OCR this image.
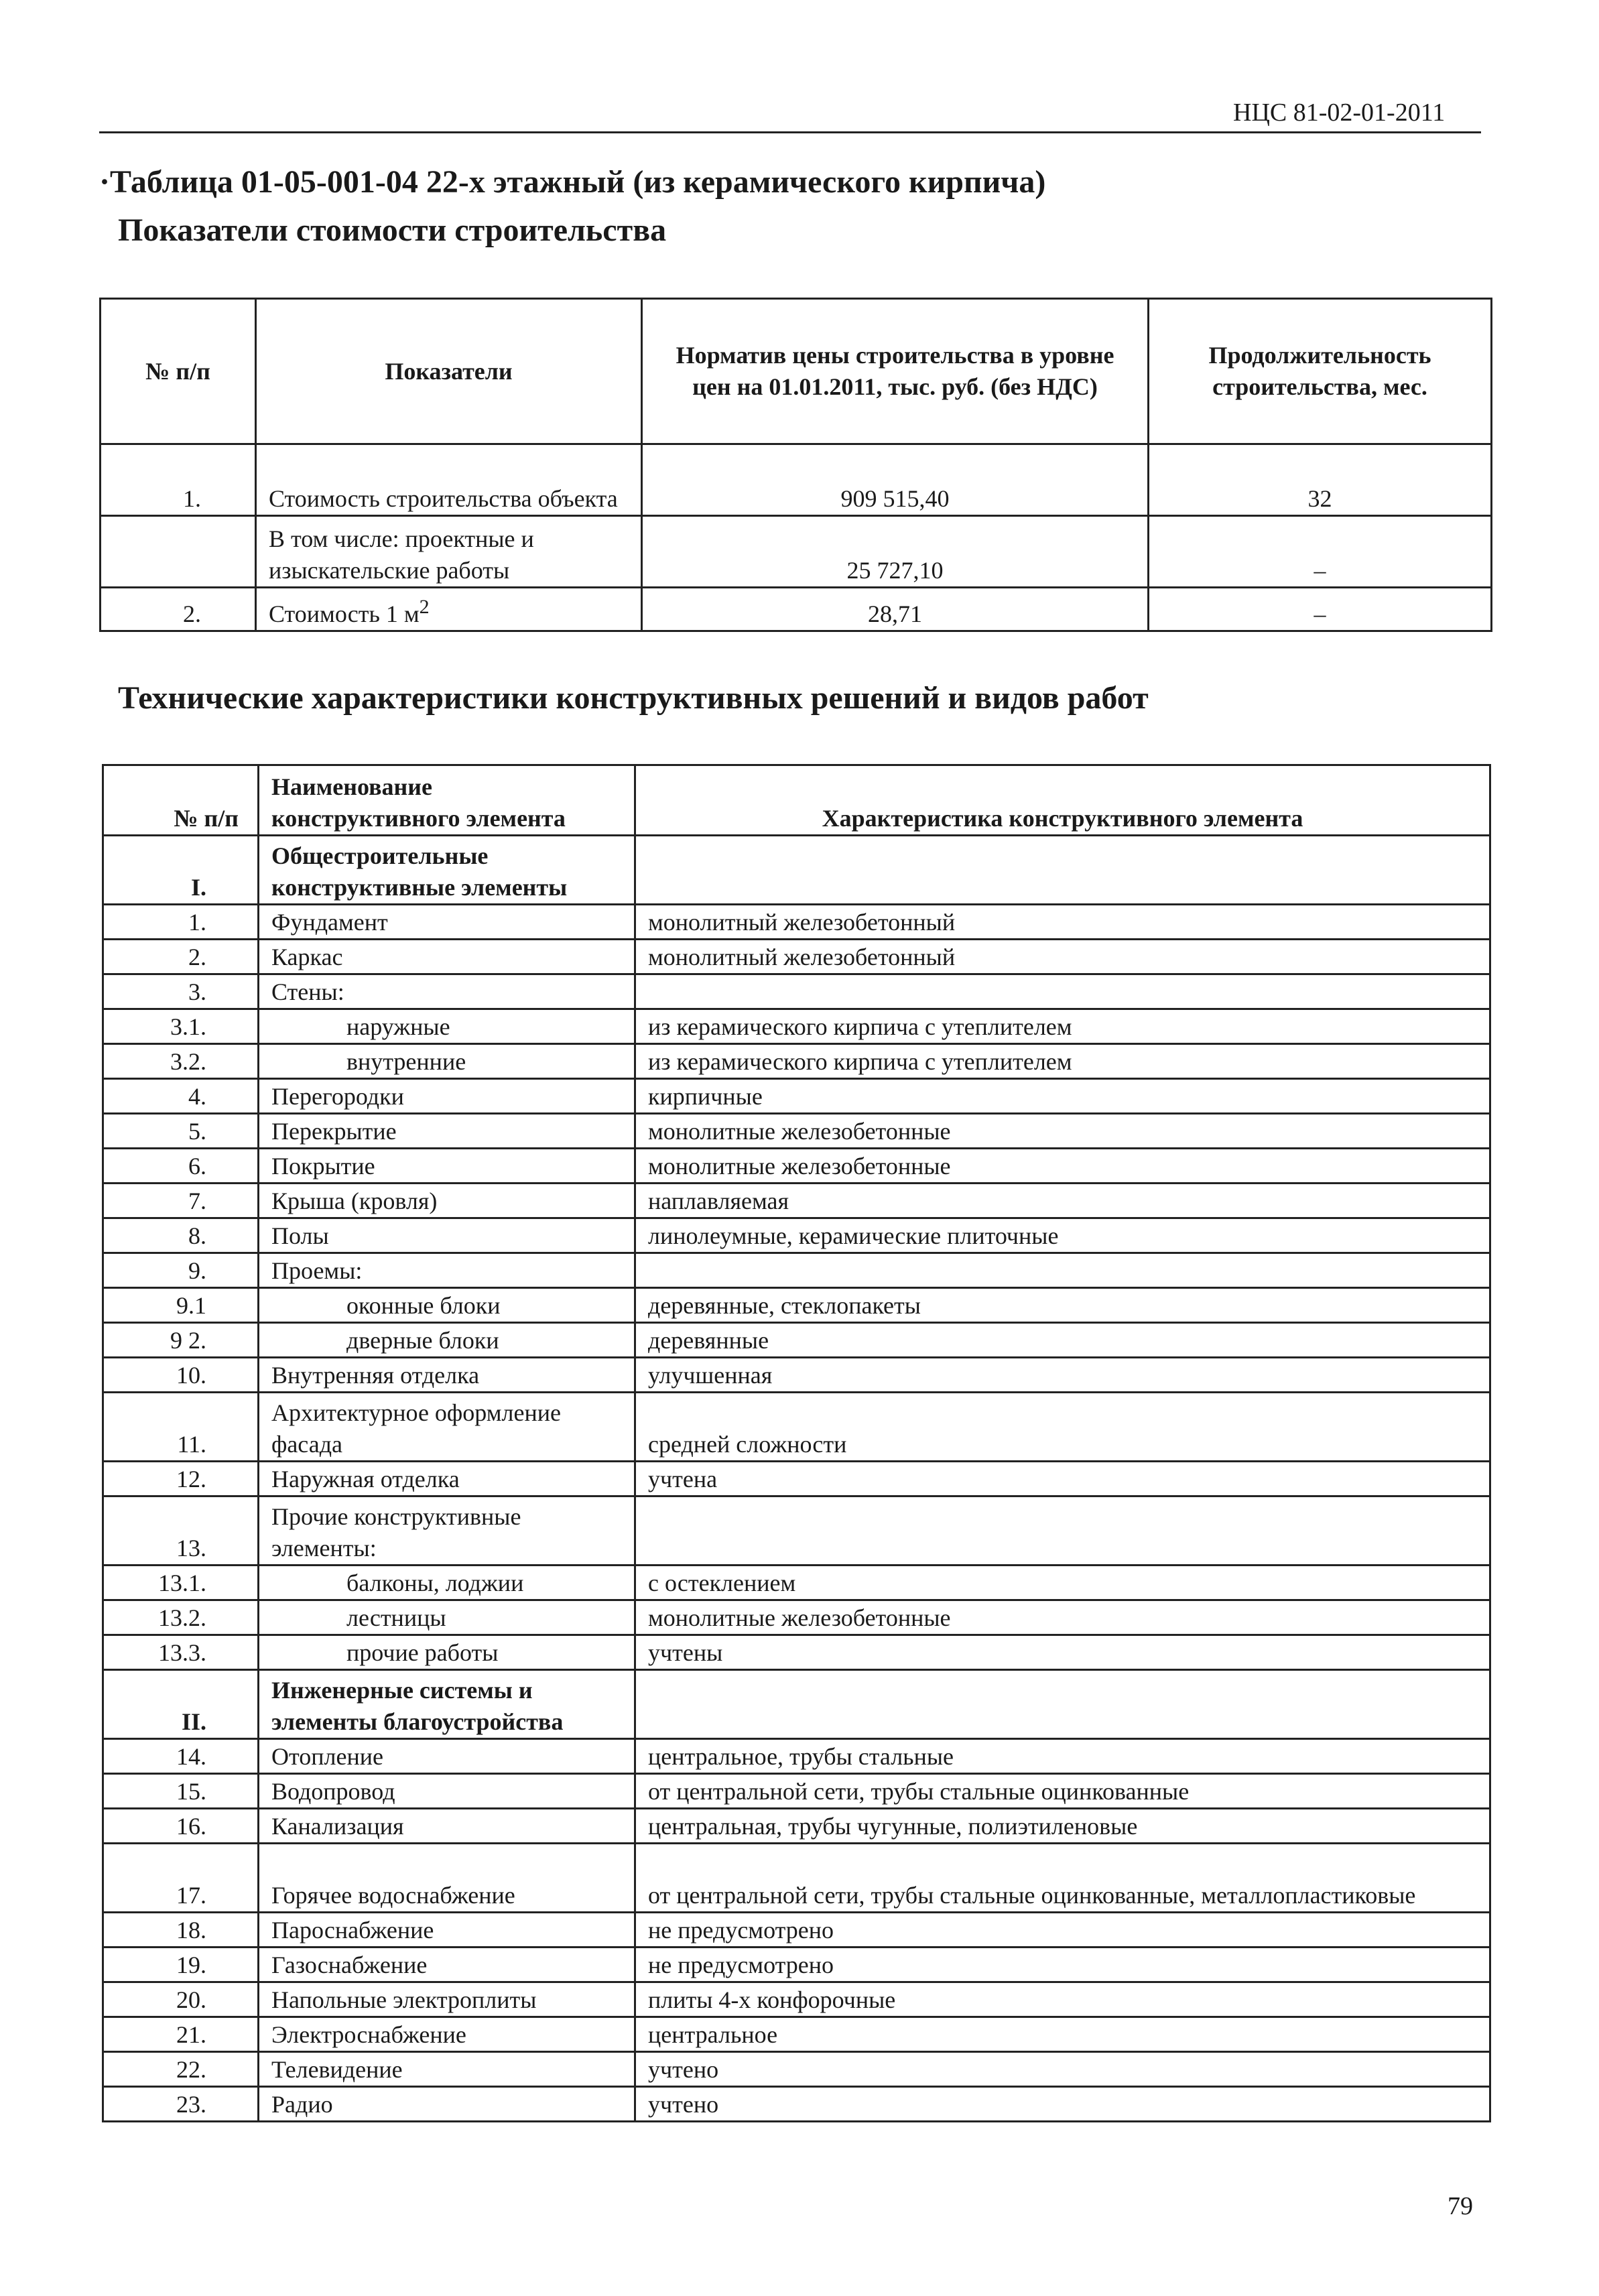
НЦС 81-02-01-2011
·Таблица 01-05-001-04 22-х этажный (из керамического кирпича)
Показатели стоимости строительства
№ п/п	Показатели	Норматив цены строительства в уровне цен на 01.01.2011, тыс. руб. (без НДС)	Продолжительность строительства, мес.
1.	Стоимость строительства объекта	909 515,40	32
	В том числе: проектные и изыскательские работы	25 727,10	–
2.	Стоимость 1 $м^2$	28,71	–
Технические характеристики конструктивных решений и видов работ
№ п/п	Наименование конструктивного элемента	Характеристика конструктивного элемента
I.	Общестроительные конструктивные элементы	
1.	Фундамент	монолитный железобетонный
2.	Каркас	монолитный железобетонный
3.	Стены:	
3.1.	наружные	из керамического кирпича с утеплителем
3.2.	внутренние	из керамического кирпича с утеплителем
4.	Перегородки	кирпичные
5.	Перекрытие	монолитные железобетонные
6.	Покрытие	монолитные железобетонные
7.	Крыша (кровля)	наплавляемая
8.	Полы	линолеумные, керамические плиточные
9.	Проемы:	
9.1	оконные блоки	деревянные, стеклопакеты
9 2.	дверные блоки	деревянные
10.	Внутренняя отделка	улучшенная
11.	Архитектурное оформление фасада	средней сложности
12.	Наружная отделка	учтена
13.	Прочие конструктивные элементы:	
13.1.	балконы, лоджии	с остеклением
13.2.	лестницы	монолитные железобетонные
13.3.	прочие работы	учтены
II.	Инженерные системы и элементы благоустройства	
14.	Отопление	центральное, трубы стальные
15.	Водопровод	от центральной сети, трубы стальные оцинкованные
16.	Канализация	центральная, трубы чугунные, полиэтиленовые
17.	Горячее водоснабжение	от центральной сети, трубы стальные оцинкованные, металлопластиковые
18.	Пароснабжение	не предусмотрено
19.	Газоснабжение	не предусмотрено
20.	Напольные электроплиты	плиты 4-х конфорочные
21.	Электроснабжение	центральное
22.	Телевидение	учтено
23.	Радио	учтено
79
